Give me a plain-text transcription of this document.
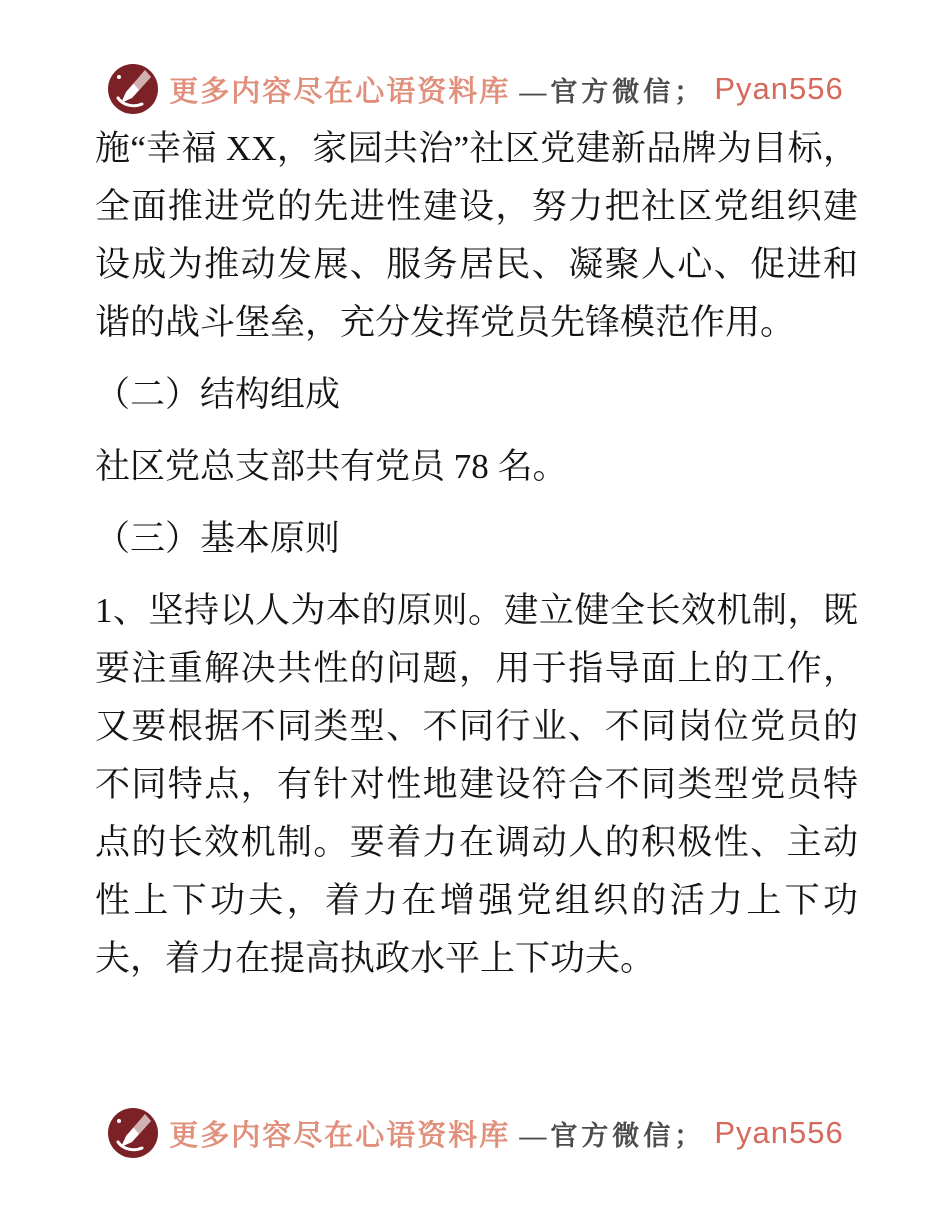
更多内容尽在心语资料库 —官方微信； Pyan556

施“幸福 XX，家园共治”社区党建新品牌为目标，全面推进党的先进性建设，努力把社区党组织建设成为推动发展、服务居民、凝聚人心、促进和谐的战斗堡垒，充分发挥党员先锋模范作用。

（二）结构组成

社区党总支部共有党员 78 名。

（三）基本原则

1、坚持以人为本的原则。建立健全长效机制，既要注重解决共性的问题，用于指导面上的工作，又要根据不同类型、不同行业、不同岗位党员的不同特点，有针对性地建设符合不同类型党员特点的长效机制。要着力在调动人的积极性、主动性上下功夫，着力在增强党组织的活力上下功夫，着力在提高执政水平上下功夫。

更多内容尽在心语资料库 —官方微信； Pyan556
